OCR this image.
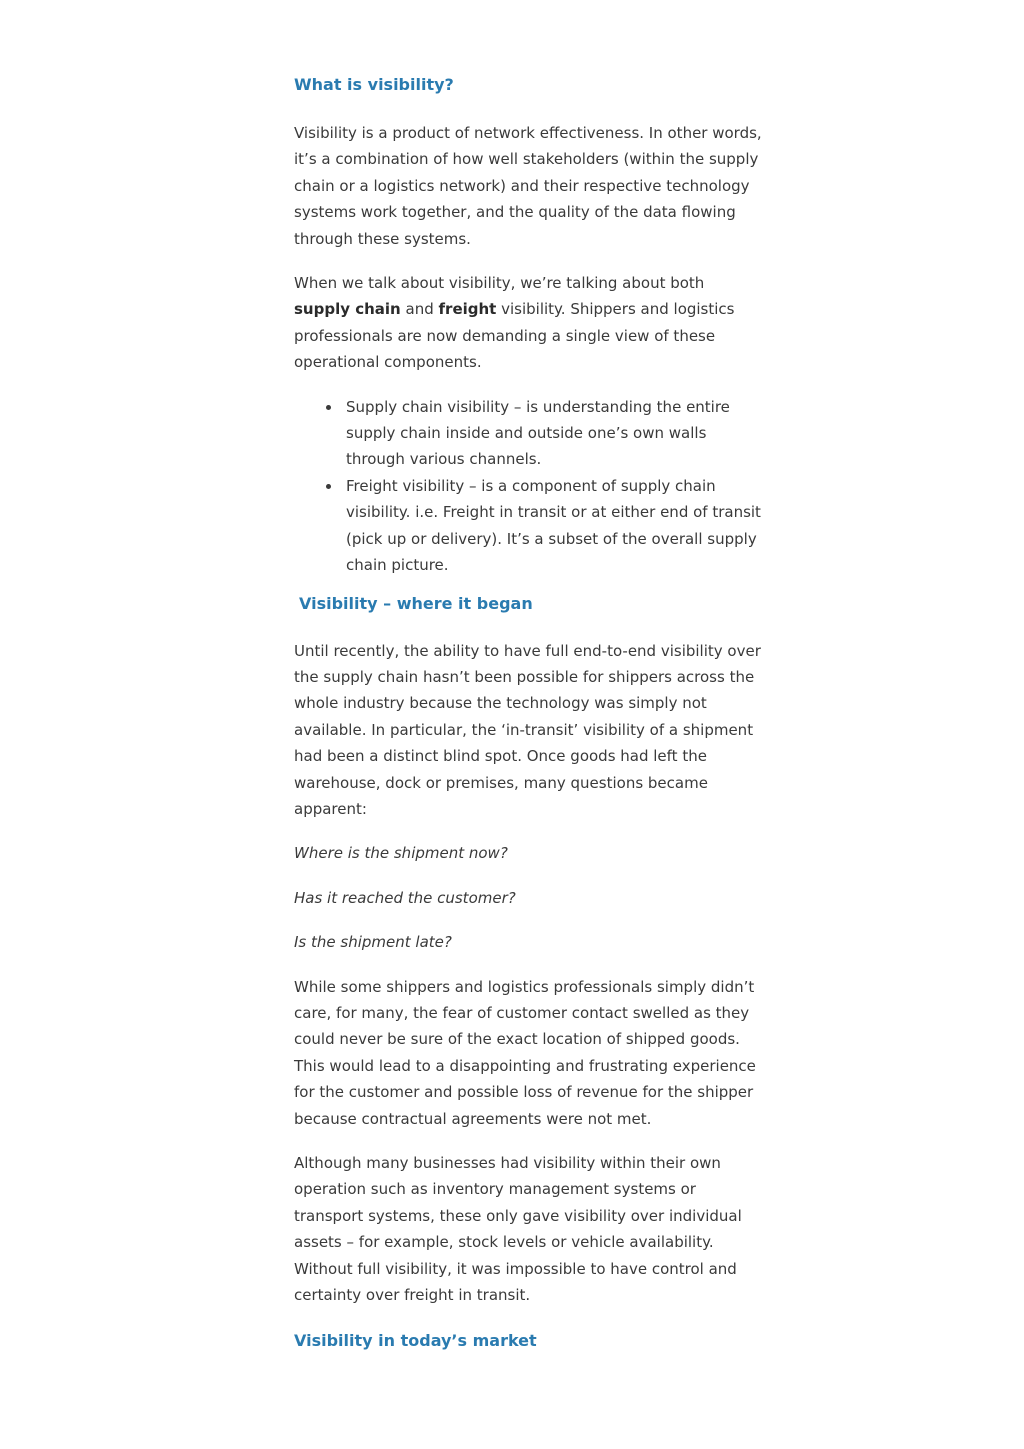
What is visibility?

Visibility is a product of network effectiveness. In other words, it’s a combination of how well stakeholders (within the supply chain or a logistics network) and their respective technology systems work together, and the quality of the data flowing through these systems.

When we talk about visibility, we’re talking about both supply chain and freight visibility. Shippers and logistics professionals are now demanding a single view of these operational components.

Supply chain visibility – is understanding the entire supply chain inside and outside one’s own walls through various channels.
Freight visibility – is a component of supply chain visibility. i.e. Freight in transit or at either end of transit (pick up or delivery). It’s a subset of the overall supply chain picture.
Visibility – where it began

Until recently, the ability to have full end-to-end visibility over the supply chain hasn’t been possible for shippers across the whole industry because the technology was simply not available. In particular, the ‘in-transit’ visibility of a shipment had been a distinct blind spot. Once goods had left the warehouse, dock or premises, many questions became apparent:

Where is the shipment now?

Has it reached the customer?

Is the shipment late?

While some shippers and logistics professionals simply didn’t care, for many, the fear of customer contact swelled as they could never be sure of the exact location of shipped goods. This would lead to a disappointing and frustrating experience for the customer and possible loss of revenue for the shipper because contractual agreements were not met.

Although many businesses had visibility within their own operation such as inventory management systems or transport systems, these only gave visibility over individual assets – for example, stock levels or vehicle availability. Without full visibility, it was impossible to have control and certainty over freight in transit.

Visibility in today’s market
